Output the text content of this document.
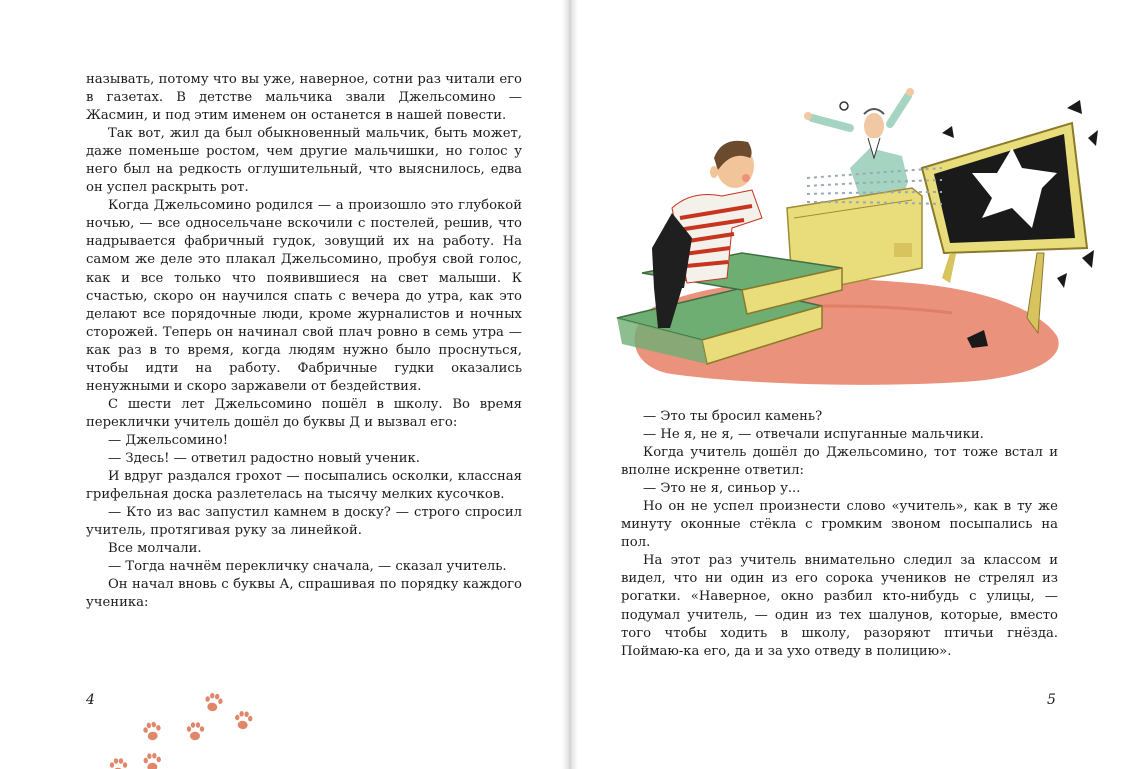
называть, потому что вы уже, наверное, сотни раз читали его в газетах. В детстве мальчика звали Джельсомино — Жасмин, и под этим именем он останется в нашей повести.

Так вот, жил да был обыкновенный мальчик, быть может, даже поменьше ростом, чем другие мальчишки, но голос у него был на редкость оглушительный, что выяснилось, едва он успел раскрыть рот.

Когда Джельсомино родился — а произошло это глубокой ночью, — все односельчане вскочили с постелей, решив, что надрывается фабричный гудок, зовущий их на работу. На самом же деле это плакал Джельсомино, пробуя свой голос, как и все только что появившиеся на свет малыши. К счастью, скоро он научился спать с вечера до утра, как это делают все порядочные люди, кроме журналистов и ночных сторожей. Теперь он начинал свой плач ровно в семь утра — как раз в то время, когда людям нужно было проснуться, чтобы идти на работу. Фабричные гудки оказались ненужными и скоро заржавели от бездействия.

С шести лет Джельсомино пошёл в школу. Во время переклички учитель дошёл до буквы Д и вызвал его:

— Джельсомино!

— Здесь! — ответил радостно новый ученик.

И вдруг раздался грохот — посыпались осколки, классная грифельная доска разлетелась на тысячу мелких кусочков.

— Кто из вас запустил камнем в доску? — строго спросил учитель, протягивая руку за линейкой.

Все молчали.

— Тогда начнём перекличку сначала, — сказал учитель.

Он начал вновь с буквы А, спрашивая по порядку каждого ученика:

4

— Это ты бросил камень?

— Не я, не я, — отвечали испуганные мальчики.

Когда учитель дошёл до Джельсомино, тот тоже встал и вполне искренне ответил:

— Это не я, синьор у...

Но он не успел произнести слово «учитель», как в ту же минуту оконные стёкла с громким звоном посыпались на пол.

На этот раз учитель внимательно следил за классом и видел, что ни один из его сорока учеников не стрелял из рогатки. «Наверное, окно разбил кто-нибудь с улицы, — подумал учитель, — один из тех шалунов, которые, вместо того чтобы ходить в школу, разоряют птичьи гнёзда. Поймаю-ка его, да и за ухо отведу в полицию».

5
